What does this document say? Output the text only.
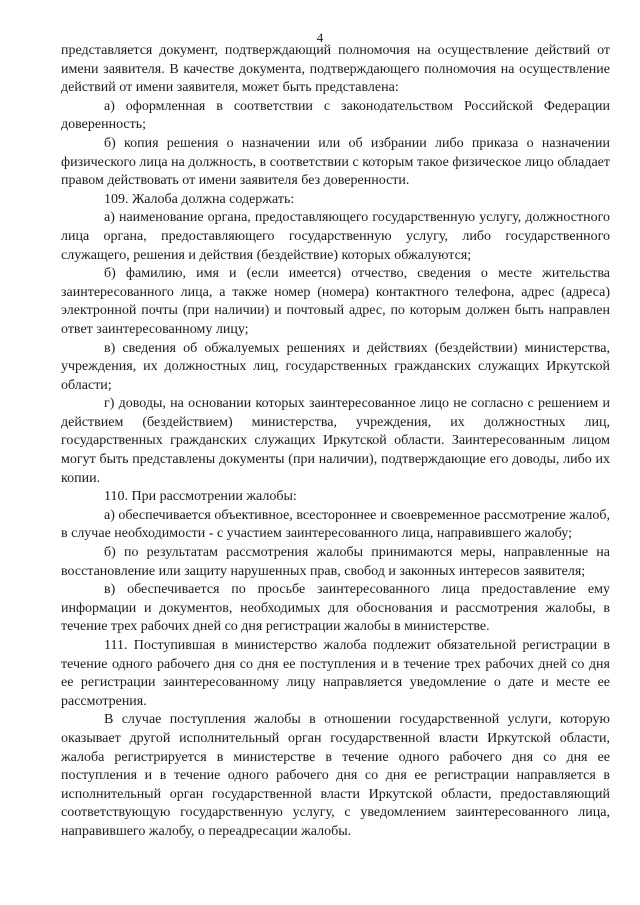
4

представляется документ, подтверждающий полномочия на осуществление действий от имени заявителя. В качестве документа, подтверждающего полномочия на осуществление действий от имени заявителя, может быть представлена:

а) оформленная в соответствии с законодательством Российской Федерации доверенность;

б) копия решения о назначении или об избрании либо приказа о назначении физического лица на должность, в соответствии с которым такое физическое лицо обладает правом действовать от имени заявителя без доверенности.

109. Жалоба должна содержать:

а) наименование органа, предоставляющего государственную услугу, должностного лица органа, предоставляющего государственную услугу, либо государственного служащего, решения и действия (бездействие) которых обжалуются;

б) фамилию, имя и (если имеется) отчество, сведения о месте жительства заинтересованного лица, а также номер (номера) контактного телефона, адрес (адреса) электронной почты (при наличии) и почтовый адрес, по которым должен быть направлен ответ заинтересованному лицу;

в) сведения об обжалуемых решениях и действиях (бездействии) министерства, учреждения, их должностных лиц, государственных гражданских служащих Иркутской области;

г) доводы, на основании которых заинтересованное лицо не согласно с решением и действием (бездействием) министерства, учреждения, их должностных лиц, государственных гражданских служащих Иркутской области. Заинтересованным лицом могут быть представлены документы (при наличии), подтверждающие его доводы, либо их копии.

110. При рассмотрении жалобы:

а) обеспечивается объективное, всестороннее и своевременное рассмотрение жалоб, в случае необходимости - с участием заинтересованного лица, направившего жалобу;

б) по результатам рассмотрения жалобы принимаются меры, направленные на восстановление или защиту нарушенных прав, свобод и законных интересов заявителя;

в) обеспечивается по просьбе заинтересованного лица предоставление ему информации и документов, необходимых для обоснования и рассмотрения жалобы, в течение трех рабочих дней со дня регистрации жалобы в министерстве.

111. Поступившая в министерство жалоба подлежит обязательной регистрации в течение одного рабочего дня со дня ее поступления и в течение трех рабочих дней со дня ее регистрации заинтересованному лицу направляется уведомление о дате и месте ее рассмотрения.

В случае поступления жалобы в отношении государственной услуги, которую оказывает другой исполнительный орган государственной власти Иркутской области, жалоба регистрируется в министерстве в течение одного рабочего дня со дня ее поступления и в течение одного рабочего дня со дня ее регистрации направляется в исполнительный орган государственной власти Иркутской области, предоставляющий соответствующую государственную услугу, с уведомлением заинтересованного лица, направившего жалобу, о переадресации жалобы.
